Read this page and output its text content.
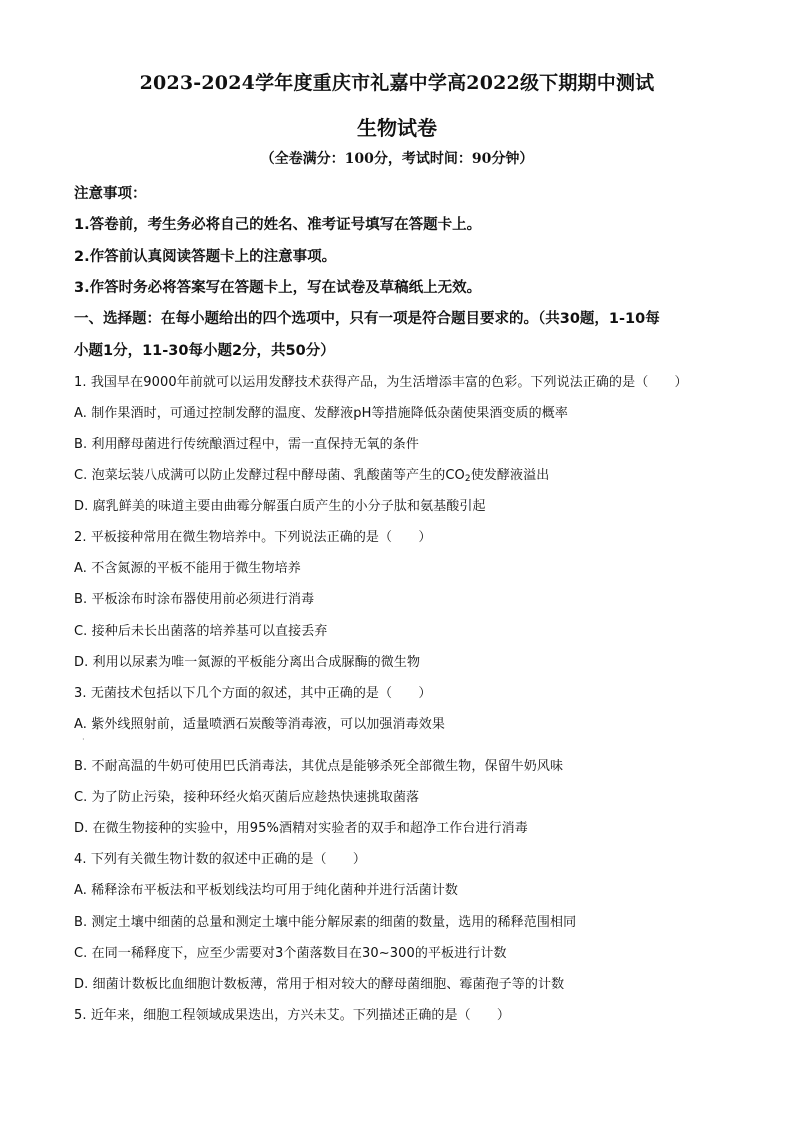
2023-2024学年度重庆市礼嘉中学高2022级下期期中测试
生物试卷
（全卷满分：100分，考试时间：90分钟）
注意事项：
1.答卷前，考生务必将自己的姓名、准考证号填写在答题卡上。
2.作答前认真阅读答题卡上的注意事项。
3.作答时务必将答案写在答题卡上，写在试卷及草稿纸上无效。
一、选择题：在每小题给出的四个选项中，只有一项是符合题目要求的。（共30题，1-10每
小题1分，11-30每小题2分，共50分）
1. 我国早在9000年前就可以运用发酵技术获得产品，为生活增添丰富的色彩。下列说法正确的是（　　）
A. 制作果酒时，可通过控制发酵的温度、发酵液pH等措施降低杂菌使果酒变质的概率
B. 利用酵母菌进行传统酿酒过程中，需一直保持无氧的条件
C. 泡菜坛装八成满可以防止发酵过程中酵母菌、乳酸菌等产生的$CO_2$使发酵液溢出
D. 腐乳鲜美的味道主要由曲霉分解蛋白质产生的小分子肽和氨基酸引起
2. 平板接种常用在微生物培养中。下列说法正确的是（　　）
A. 不含氮源的平板不能用于微生物培养
B. 平板涂布时涂布器使用前必须进行消毒
C. 接种后未长出菌落的培养基可以直接丢弃
D. 利用以尿素为唯一氮源的平板能分离出合成脲酶的微生物
3. 无菌技术包括以下几个方面的叙述，其中正确的是（　　）
A. 紫外线照射前，适量喷洒石炭酸等消毒液，可以加强消毒效果
·
B. 不耐高温的牛奶可使用巴氏消毒法，其优点是能够杀死全部微生物，保留牛奶风味
C. 为了防止污染，接种环经火焰灭菌后应趁热快速挑取菌落
D. 在微生物接种的实验中，用95%酒精对实验者的双手和超净工作台进行消毒
4. 下列有关微生物计数的叙述中正确的是（　　）
A. 稀释涂布平板法和平板划线法均可用于纯化菌种并进行活菌计数
B. 测定土壤中细菌的总量和测定土壤中能分解尿素的细菌的数量，选用的稀释范围相同
C. 在同一稀释度下，应至少需要对3个菌落数目在30~300的平板进行计数
D. 细菌计数板比血细胞计数板薄，常用于相对较大的酵母菌细胞、霉菌孢子等的计数
5. 近年来，细胞工程领域成果迭出，方兴未艾。下列描述正确的是（　　）
